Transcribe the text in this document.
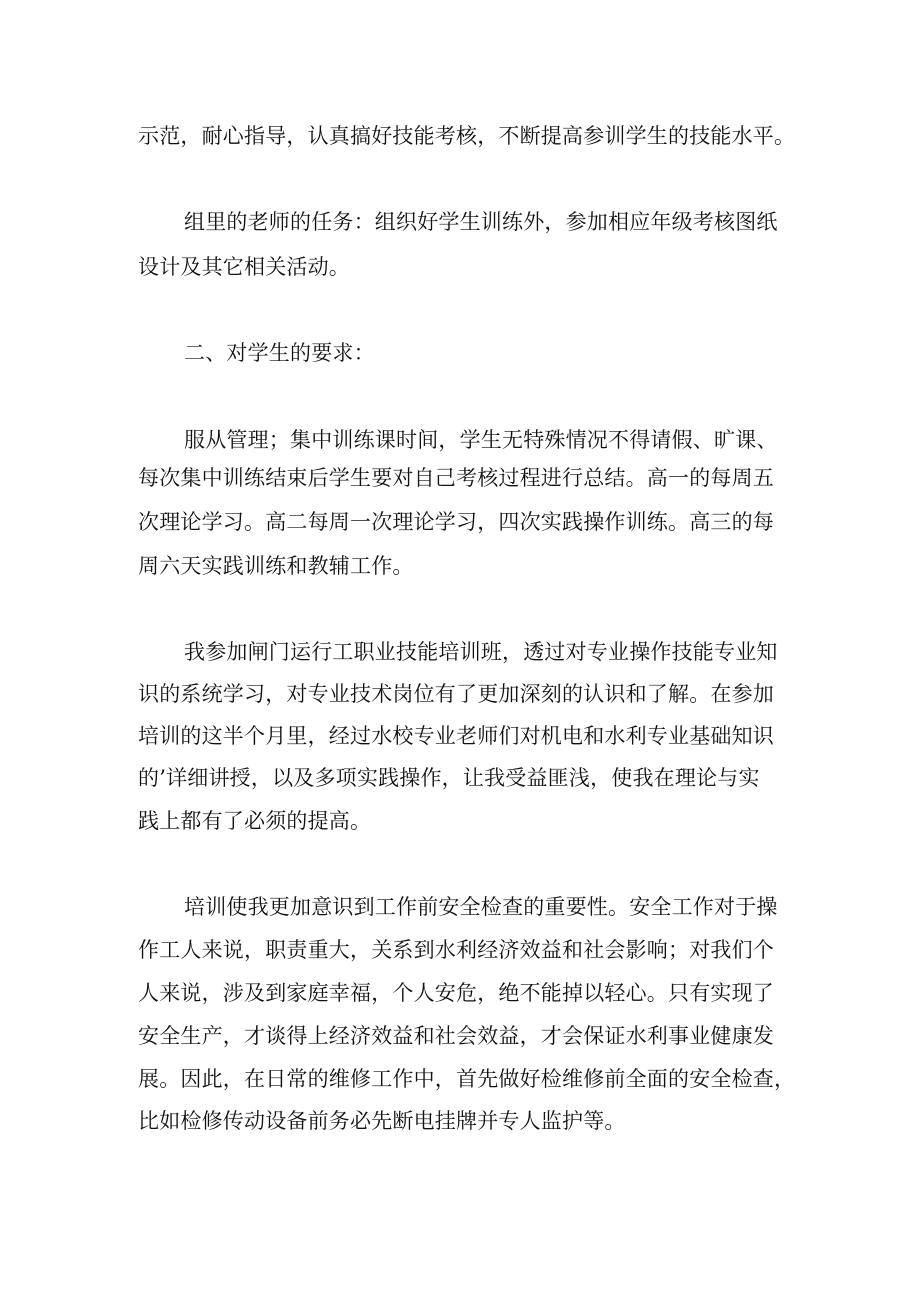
示范，耐心指导，认真搞好技能考核，不断提高参训学生的技能水平。
组里的老师的任务：组织好学生训练外，参加相应年级考核图纸
设计及其它相关活动。
二、对学生的要求：
服从管理；集中训练课时间，学生无特殊情况不得请假、旷课、
每次集中训练结束后学生要对自己考核过程进行总结。高一的每周五
次理论学习。高二每周一次理论学习，四次实践操作训练。高三的每
周六天实践训练和教辅工作。
我参加闸门运行工职业技能培训班，透过对专业操作技能专业知
识的系统学习，对专业技术岗位有了更加深刻的认识和了解。在参加
培训的这半个月里，经过水校专业老师们对机电和水利专业基础知识
的’详细讲授，以及多项实践操作，让我受益匪浅，使我在理论与实
践上都有了必须的提高。
培训使我更加意识到工作前安全检查的重要性。安全工作对于操
作工人来说，职责重大，关系到水利经济效益和社会影响；对我们个
人来说，涉及到家庭幸福，个人安危，绝不能掉以轻心。只有实现了
安全生产，才谈得上经济效益和社会效益，才会保证水利事业健康发
展。因此，在日常的维修工作中，首先做好检维修前全面的安全检查，
比如检修传动设备前务必先断电挂牌并专人监护等。
